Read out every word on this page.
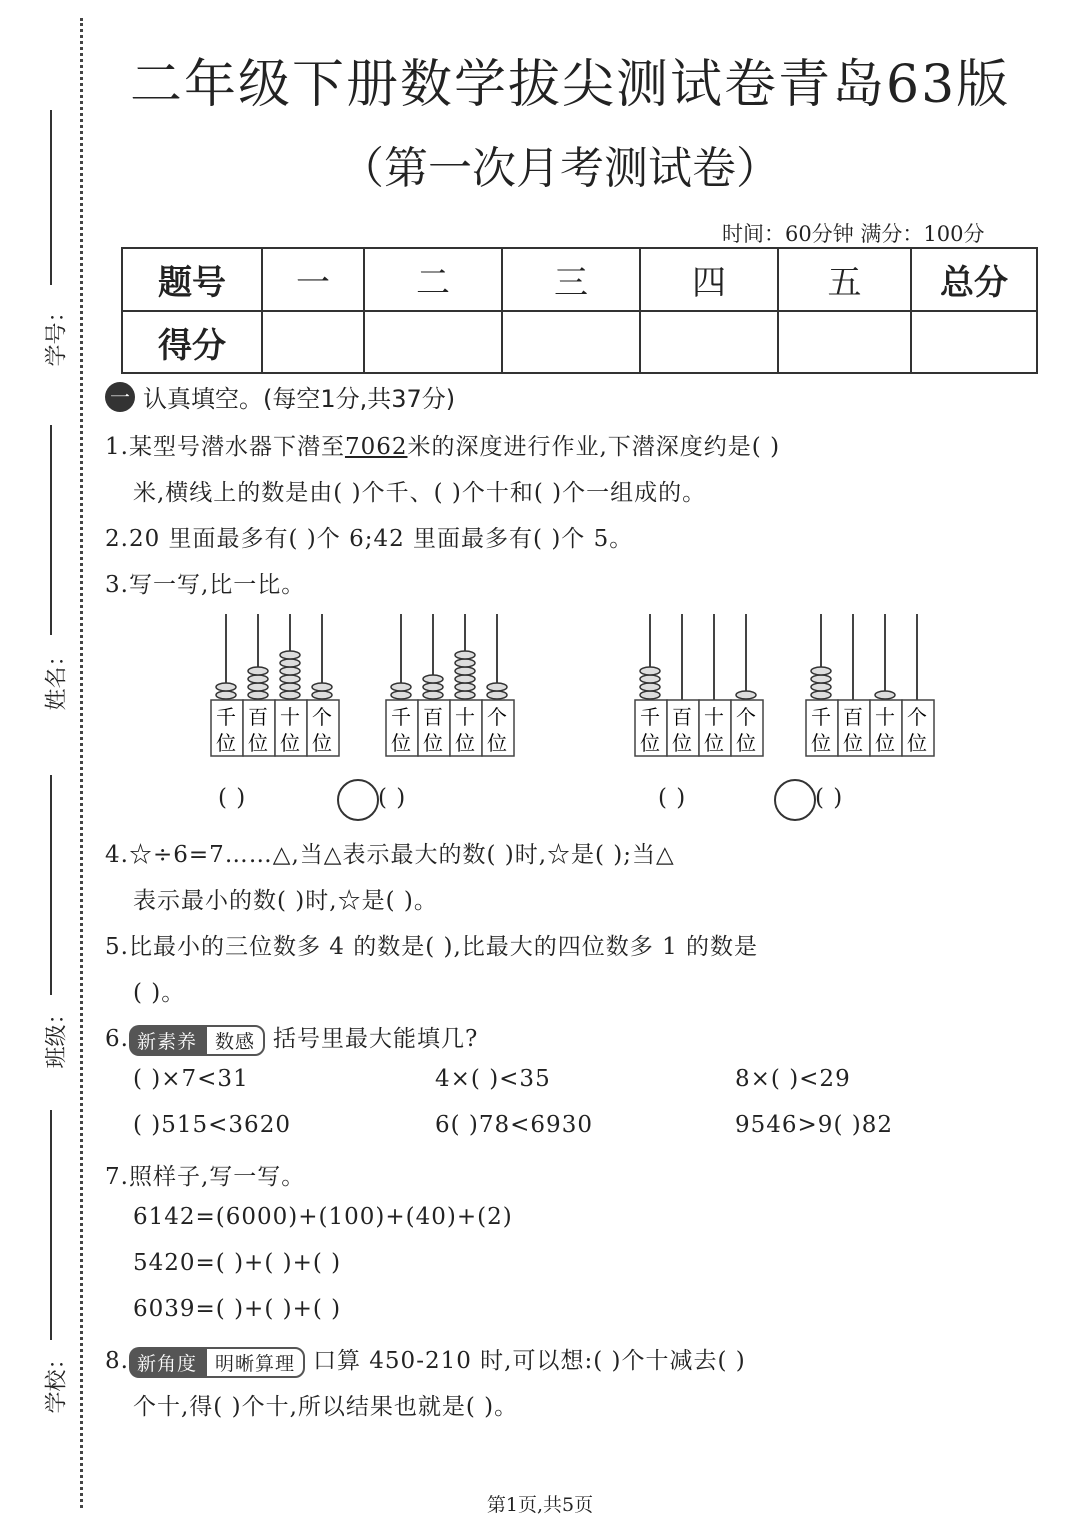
学号：
姓名：
班级：
学校：
二年级下册数学拔尖测试卷青岛63版
（第一次月考测试卷）
时间：60分钟 满分：100分
题号	一	二	三	四	五	总分
得分						
一 认真填空。(每空1分,共37分)
1.某型号潜水器下潜至7062米的深度进行作业,下潜深度约是( )
米,横线上的数是由( )个千、( )个十和( )个一组成的。
2.20 里面最多有( )个 6;42 里面最多有( )个 5。
3.写一写,比一比。
千
位
百
位
十
位
个
位
千
位
百
位
十
位
个
位
千
位
百
位
十
位
个
位
千
位
百
位
十
位
个
位
( )	( )	( )	( )
4.☆÷6=7……△,当△表示最大的数( )时,☆是( );当△
表示最小的数( )时,☆是( )。
5.比最小的三位数多 4 的数是( ),比最大的四位数多 1 的数是
( )。
6. 新素养 数感 括号里最大能填几?
( )×7<31	4×( )<35	8×( )<29
( )515<3620	6( )78<6930	9546>9( )82
7.照样子,写一写。
6142=(6000)+(100)+(40)+(2)
5420=( )+( )+( )
6039=( )+( )+( )
8. 新角度 明晰算理 口算 450-210 时,可以想:( )个十减去( )
个十,得( )个十,所以结果也就是( )。
第1页,共5页
